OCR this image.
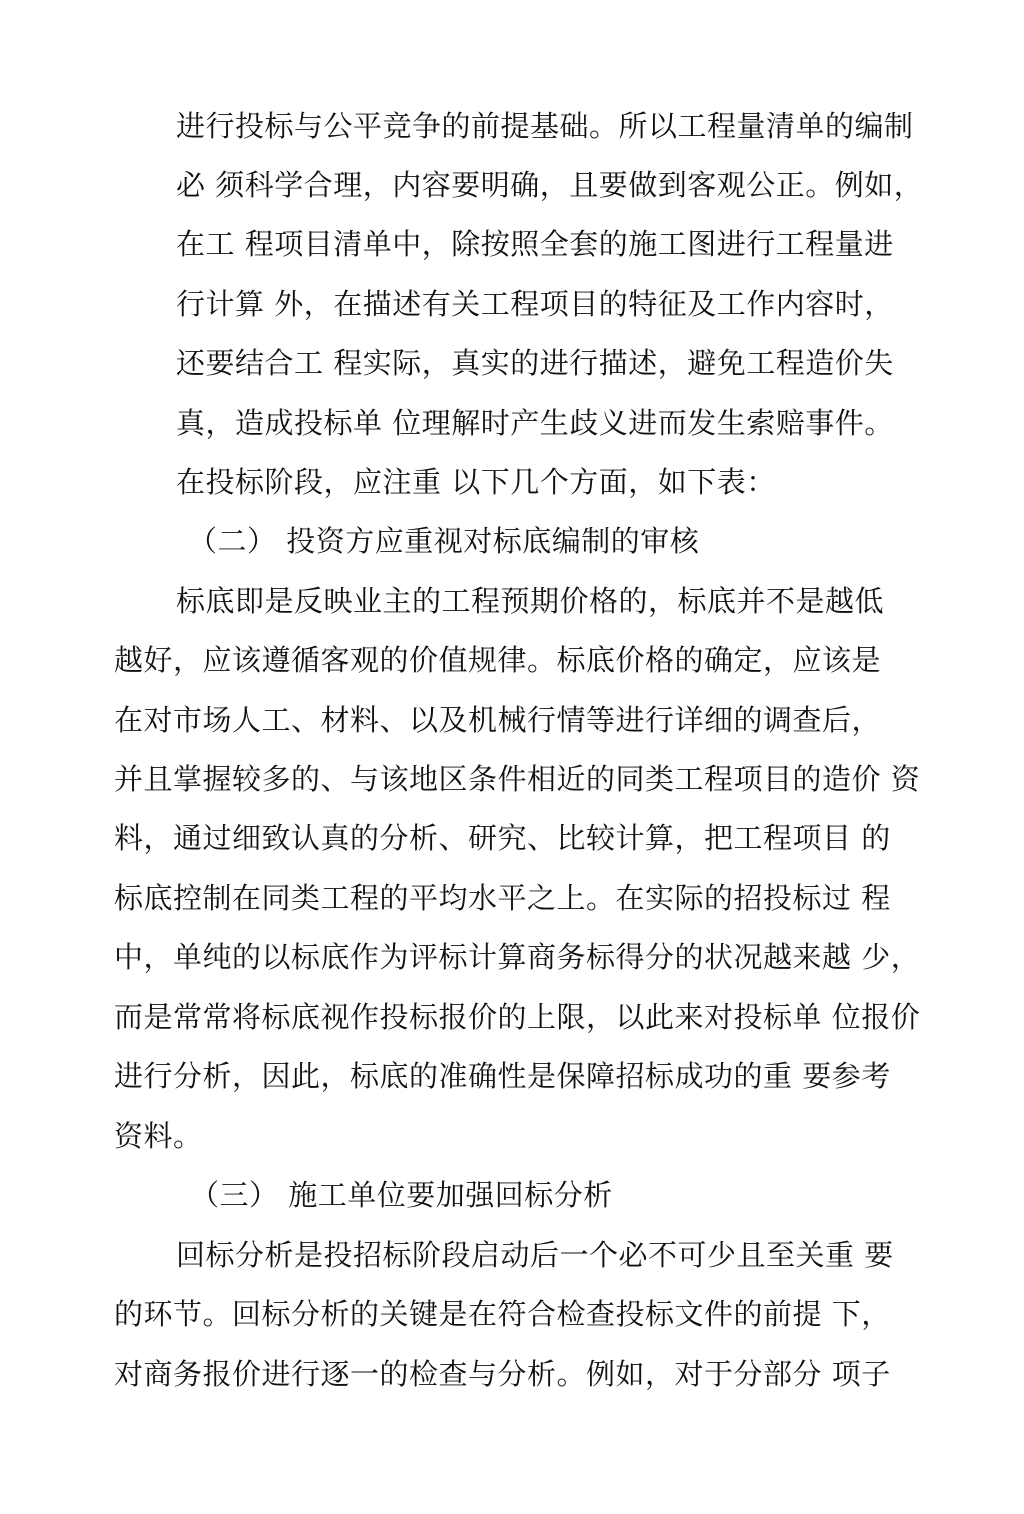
进行投标与公平竞争的前提基础。所以工程量清单的编制
必 须科学合理，内容要明确，且要做到客观公正。例如，
在工 程项目清单中，除按照全套的施工图进行工程量进
行计算 外，在描述有关工程项目的特征及工作内容时，
还要结合工 程实际，真实的进行描述，避免工程造价失
真，造成投标单 位理解时产生歧义进而发生索赔事件。
在投标阶段，应注重 以下几个方面，如下表：
（二） 投资方应重视对标底编制的审核
标底即是反映业主的工程预期价格的，标底并不是越低
越好，应该遵循客观的价值规律。标底价格的确定，应该是
在对市场人工、材料、以及机械行情等进行详细的调查后，
并且掌握较多的、与该地区条件相近的同类工程项目的造价 资
料，通过细致认真的分析、研究、比较计算，把工程项目 的
标底控制在同类工程的平均水平之上。在实际的招投标过 程
中，单纯的以标底作为评标计算商务标得分的状况越来越 少，
而是常常将标底视作投标报价的上限，以此来对投标单 位报价
进行分析，因此，标底的准确性是保障招标成功的重 要参考
资料。
（三） 施工单位要加强回标分析
回标分析是投招标阶段启动后一个必不可少且至关重 要
的环节。回标分析的关键是在符合检查投标文件的前提 下，
对商务报价进行逐一的检查与分析。例如，对于分部分 项子
